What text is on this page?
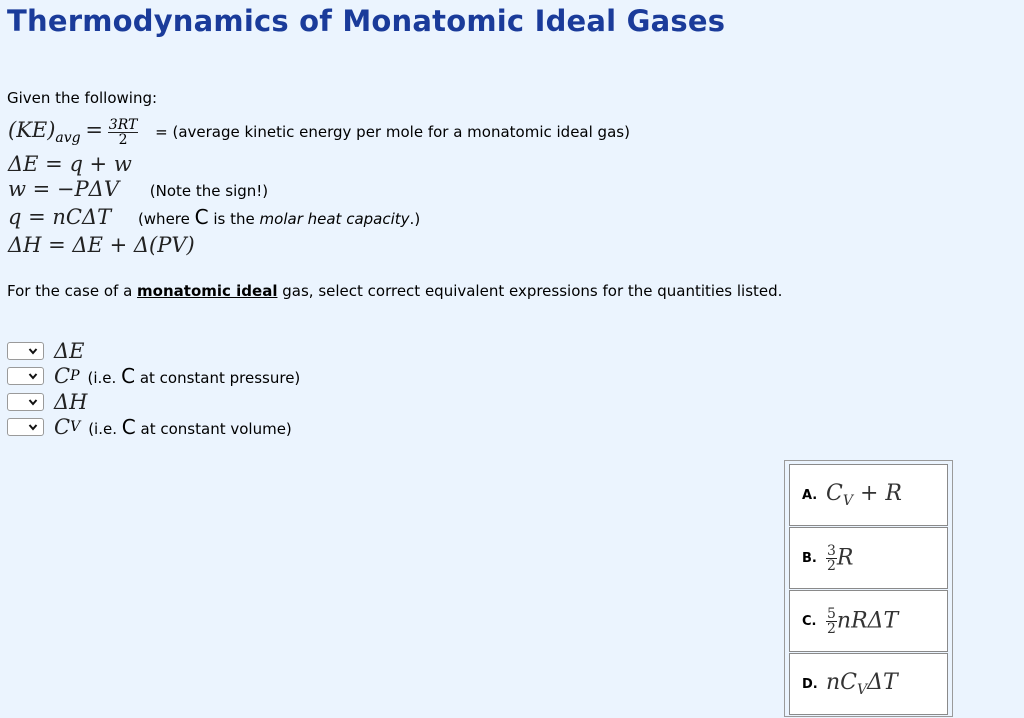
Thermodynamics of Monatomic Ideal Gases
Given the following:
$(KE)avg = \frac{3RT}{2}$ = (average kinetic energy per mole for a monatomic ideal gas)
ΔE = q + w
w = −PΔV (Note the sign!)
q = nCΔT (where C is the molar heat capacity.)
ΔH = ΔE + Δ(PV)
For the case of a monatomic ideal gas, select correct equivalent expressions for the quantities listed.
ΔE
C P (i.e. C at constant pressure)
ΔH
C V (i.e. C at constant volume)
A. $C_V + R$
B. $\frac{3}{2}$ R
C. $\frac{5}{2}$ nRΔT
D. $nC_V\Delta T$
